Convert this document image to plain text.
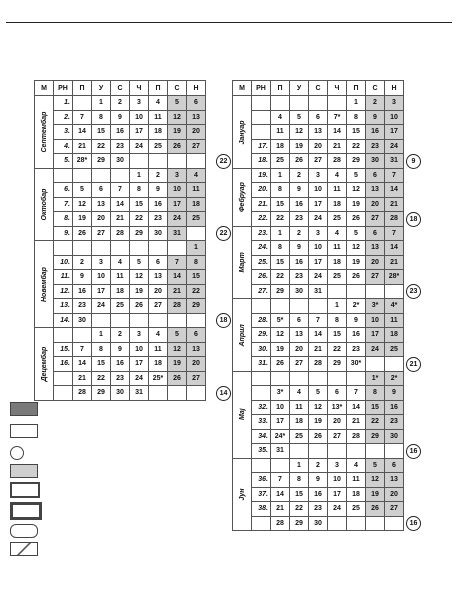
22
22
18
14
М	РН	П	У	С	Ч	П	С	Н
Септембар	1.		1	2	3	4	5	6
	2.	7	8	9	10	11	12	13
	3.	14	15	16	17	18	19	20
	4.	21	22	23	24	25	26	27
	5.	28*	29	30				
Октобар					1	2	3	4
	6.	5	6	7	8	9	10	11
	7.	12	13	14	15	16	17	18
	8.	19	20	21	22	23	24	25
	9.	26	27	28	29	30	31	
Новембар								1
	10.	2	3	4	5	6	7	8
	11.	9	10	11	12	13	14	15
	12.	16	17	18	19	20	21	22
	13.	23	24	25	26	27	28	29
	14.	30						
Децембар			1	2	3	4	5	6
	15.	7	8	9	10	11	12	13
	16.	14	15	16	17	18	19	20
		21	22	23	24	25*	26	27
		28	29	30	31			
9
18
23
21
16
16
М	РН	П	У	С	Ч	П	С	Н
Јануар						1	2	3
		4	5	6	7*	8	9	10
		11	12	13	14	15	16	17
	17.	18	19	20	21	22	23	24
	18.	25	26	27	28	29	30	31
Фебруар	19.	1	2	3	4	5	6	7
	20.	8	9	10	11	12	13	14
	21.	15	16	17	18	19	20	21
	22.	22	23	24	25	26	27	28
Март	23.	1	2	3	4	5	6	7
	24.	8	9	10	11	12	13	14
	25.	15	16	17	18	19	20	21
	26.	22	23	24	25	26	27	28*
	27.	29	30	31				
Април					1	2*	3*	4*
	28.	5*	6	7	8	9	10	11
	29.	12	13	14	15	16	17	18
	30.	19	20	21	22	23	24	25
	31.	26	27	28	29	30*		
Мај							1*	2*
		3*	4	5	6	7	8	9
	32.	10	11	12	13*	14	15	16
	33.	17	18	19	20	21	22	23
	34.	24*	25	26	27	28	29	30
	35.	31						
Јун			1	2	3	4	5	6
	36.	7	8	9	10	11	12	13
	37.	14	15	16	17	18	19	20
	38.	21	22	23	24	25	26	27
		28	29	30				
